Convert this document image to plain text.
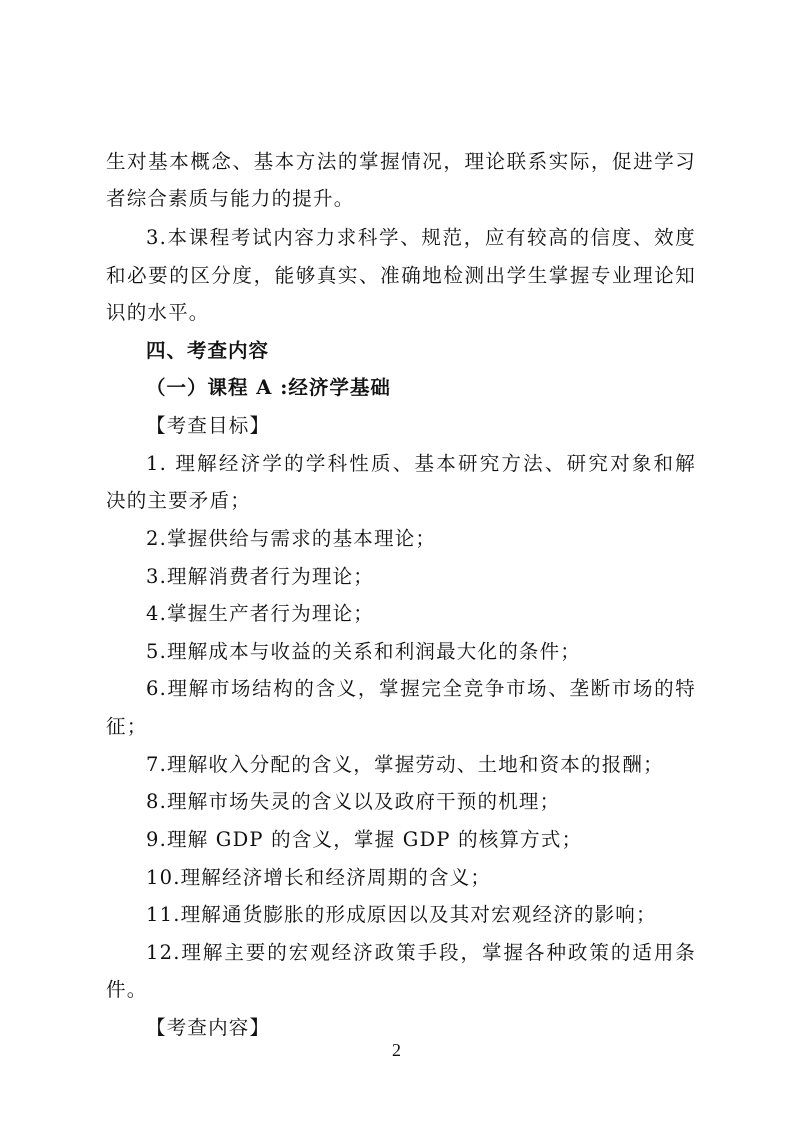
生对基本概念、基本方法的掌握情况，理论联系实际，促进学习
者综合素质与能力的提升。
3.本课程考试内容力求科学、规范，应有较高的信度、效度
和必要的区分度，能够真实、准确地检测出学生掌握专业理论知
识的水平。
四、考查内容
（一）课程 A :经济学基础
【考查目标】
1. 理解经济学的学科性质、基本研究方法、研究对象和解
决的主要矛盾；
2.掌握供给与需求的基本理论；
3.理解消费者行为理论；
4.掌握生产者行为理论；
5.理解成本与收益的关系和利润最大化的条件；
6.理解市场结构的含义，掌握完全竞争市场、垄断市场的特
征；
7.理解收入分配的含义，掌握劳动、土地和资本的报酬；
8.理解市场失灵的含义以及政府干预的机理；
9.理解 GDP 的含义，掌握 GDP 的核算方式；
10.理解经济增长和经济周期的含义；
11.理解通货膨胀的形成原因以及其对宏观经济的影响；
12.理解主要的宏观经济政策手段，掌握各种政策的适用条
件。
【考查内容】
2
